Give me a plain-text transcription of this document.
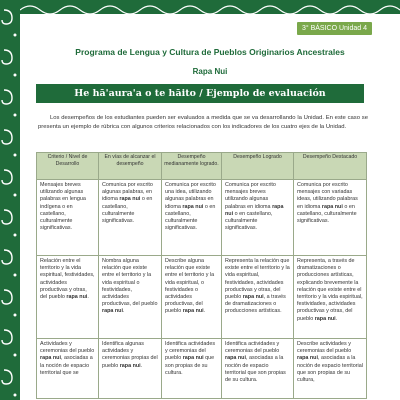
3° BÁSICO Unidad 4
Programa de Lengua y Cultura de Pueblos Originarios Ancestrales
Rapa Nui
He hā'aura'a o te hāito / Ejemplo de evaluación

Los desempeños de los estudiantes pueden ser evaluados a medida que se va desarrollando la Unidad. En este caso se presenta un ejemplo de rúbrica con algunos criterios relacionados con los indicadores de los cuatro ejes de la Unidad.

Criterio / Nivel de Desarrollo	En vías de alcanzar el desempeño	Desempeño medianamente logrado.	Desempeño Logrado	Desempeño Destacado
Mensajes breves utilizando algunas palabras en lengua indígena o en castellano, culturalmente significativas.	Comunica por escrito algunas palabras, en idioma rapa nui o en castellano, culturalmente significativas.	Comunica por escrito una idea, utilizando algunas palabras en idioma rapa nui o en castellano, culturalmente significativas.	Comunica por escrito mensajes breves utilizando algunas palabras en idioma rapa nui o en castellano, culturalmente significativas.	Comunica por escrito mensajes con variadas ideas, utilizando palabras en idioma rapa nui o en castellano, culturalmente significativas.
Relación entre el territorio y la vida espiritual, festividades, actividades productivas y otras, del pueblo rapa nui.	Nombra alguna relación que existe entre el territorio y la vida espiritual o festividades, actividades productivas, del pueblo rapa nui.	Describe alguna relación que existe entre el territorio y la vida espiritual, o festividades o actividades productivas, del pueblo rapa nui.	Representa la relación que existe entre el territorio y la vida espiritual, festividades, actividades productivas y otras, del pueblo rapa nui, a través de dramatizaciones o producciones artísticas.	Representa, a través de dramatizaciones o producciones artísticas, explicando brevemente la relación que existe entre el territorio y la vida espiritual, festividades, actividades productivas y otras, del pueblo rapa nui.
Actividades y ceremonias del pueblo rapa nui, asociadas a la noción de espacio territorial que se	Identifica algunas actividades y ceremonias propias del pueblo rapa nui.	Identifica actividades y ceremonias del pueblo rapa nui que son propias de su cultura.	Identifica actividades y ceremonias del pueblo rapa nui, asociadas a la noción de espacio territorial que son propias de su cultura.	Describe actividades y ceremonias del pueblo rapa nui, asociadas a la noción de espacio territorial que son propias de su cultura,
